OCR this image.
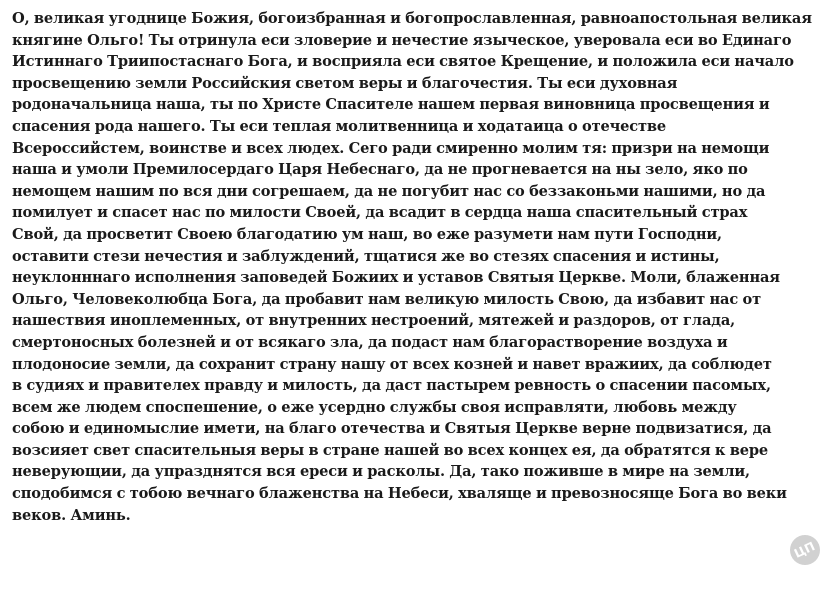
О, великая угоднице Божия, богоизбранная и богопрославленная, равноапостольная великая
княгине Ольго! Ты отринула еси зловерие и нечестие языческое, уверовала еси во Единаго
Истиннаго Триипостаснаго Бога, и восприяла еси святое Крещение, и положила еси начало
просвещению земли Российския светом веры и благочестия. Ты еси духовная
родоначальница наша, ты по Христе Спасителе нашем первая виновница просвещения и
спасения рода нашего. Ты еси теплая молитвенница и ходатаица о отечестве
Всероссийстем, воинстве и всех людех. Сего ради смиренно молим тя: призри на немощи
наша и умоли Премилосердаго Царя Небеснаго, да не прогневается на ны зело, яко по
немощем нашим по вся дни согрешаем, да не погубит нас со беззаконьми нашими, но да
помилует и спасет нас по милости Своей, да всадит в сердца наша спасительный страх
Свой, да просветит Своею благодатию ум наш, во еже разумети нам пути Господни,
оставити стези нечестия и заблуждений, тщатися же во стезях спасения и истины,
неуклонннаго исполнения заповедей Божиих и уставов Святыя Церкве. Моли, блаженная
Ольго, Человеколюбца Бога, да пробавит нам великую милость Свою, да избавит нас от
нашествия иноплеменных, от внутренних нестроений, мятежей и раздоров, от глада,
смертоносных болезней и от всякаго зла, да подаст нам благорастворение воздуха и
плодоносие земли, да сохранит страну нашу от всех козней и навет вражиих, да соблюдет
в судиях и правителех правду и милость, да даст пастырем ревность о спасении пасомых,
всем же людем споспешение, о еже усердно службы своя исправляти, любовь между
собою и единомыслие имети, на благо отечества и Святыя Церкве верне подвизатися, да
возсияет свет спасительныя веры в стране нашей во всех концех ея, да обратятся к вере
неверующии, да упразднятся вся ереси и расколы. Да, тако поживше в мире на земли,
сподобимся с тобою вечнаго блаженства на Небеси, хваляще и превозносяще Бога во веки
веков. Аминь.
ЦП
